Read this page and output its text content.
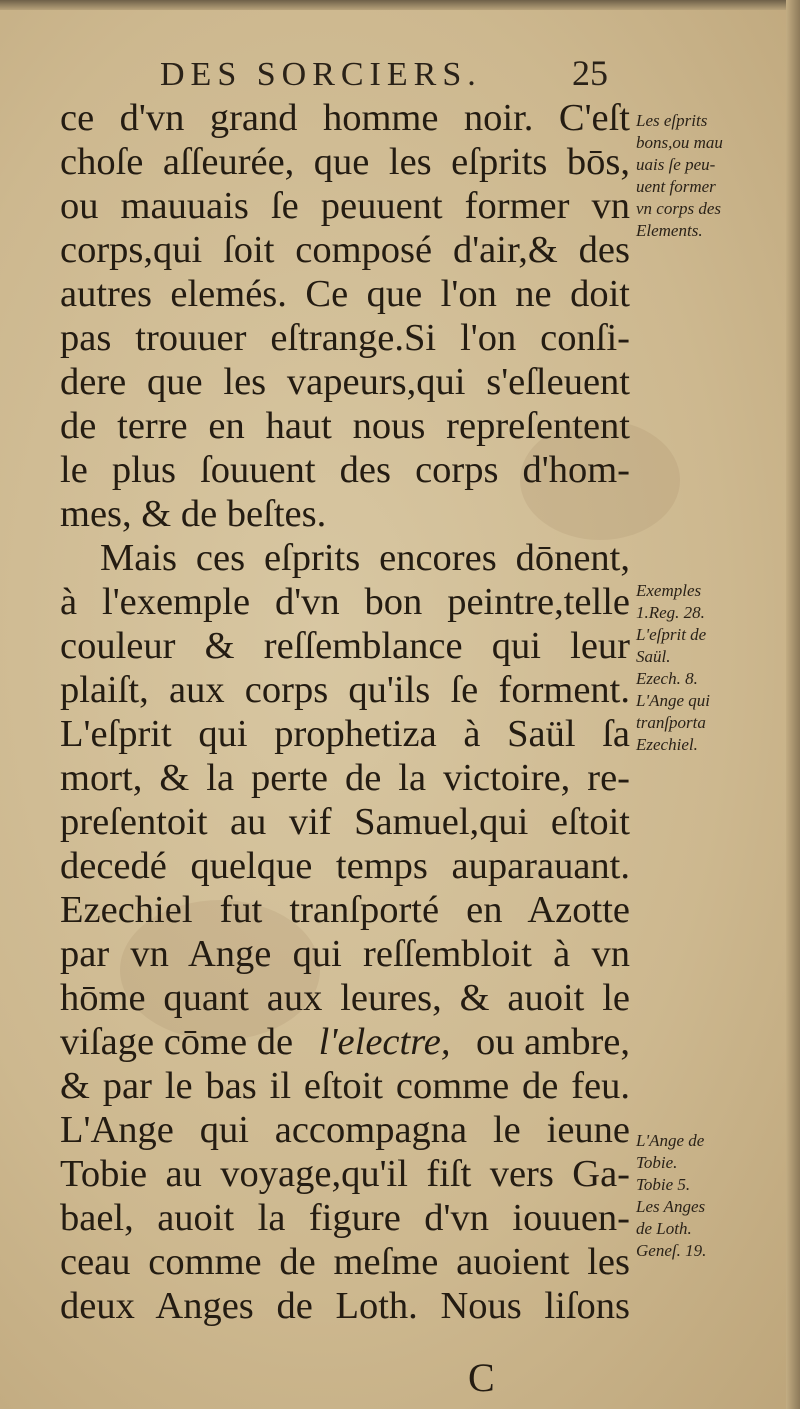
DES SORCIERS.	25
ce d'vn grand homme noir. C'eſt
choſe aſſeurée, que les eſprits bōs,
ou mauuais ſe peuuent former vn
corps,qui ſoit composé d'air,& des
autres elemés. Ce que l'on ne doit
pas trouuer eſtrange.Si l'on conſi-
dere que les vapeurs,qui s'eſleuent
de terre en haut nous repreſentent
le plus ſouuent des corps d'hom-
mes, & de beſtes.
Mais ces eſprits encores dōnent,
à l'exemple d'vn bon peintre,telle
couleur & reſſemblance qui leur
plaiſt, aux corps qu'ils ſe forment.
L'eſprit qui prophetiza à Saül ſa
mort, & la perte de la victoire, re-
preſentoit au vif Samuel,qui eſtoit
decedé quelque temps auparauant.
Ezechiel fut tranſporté en Azotte
par vn Ange qui reſſembloit à vn
hōme quant aux leures, & auoit le
viſage cōme de l'electre, ou ambre,
& par le bas il eſtoit comme de feu.
L'Ange qui accompagna le ieune
Tobie au voyage,qu'il fiſt vers Ga-
bael, auoit la figure d'vn iouuen-
ceau comme de meſme auoient les
deux Anges de Loth. Nous liſons
C
Les eſprits
bons,ou mau
uais ſe peu-
uent former
vn corps des
Elements.
Exemples
1.Reg. 28.
L'eſprit de
Saül.
Ezech. 8.
L'Ange qui
tranſporta
Ezechiel.
L'Ange de
Tobie.
Tobie 5.
Les Anges
de Loth.
Geneſ. 19.
